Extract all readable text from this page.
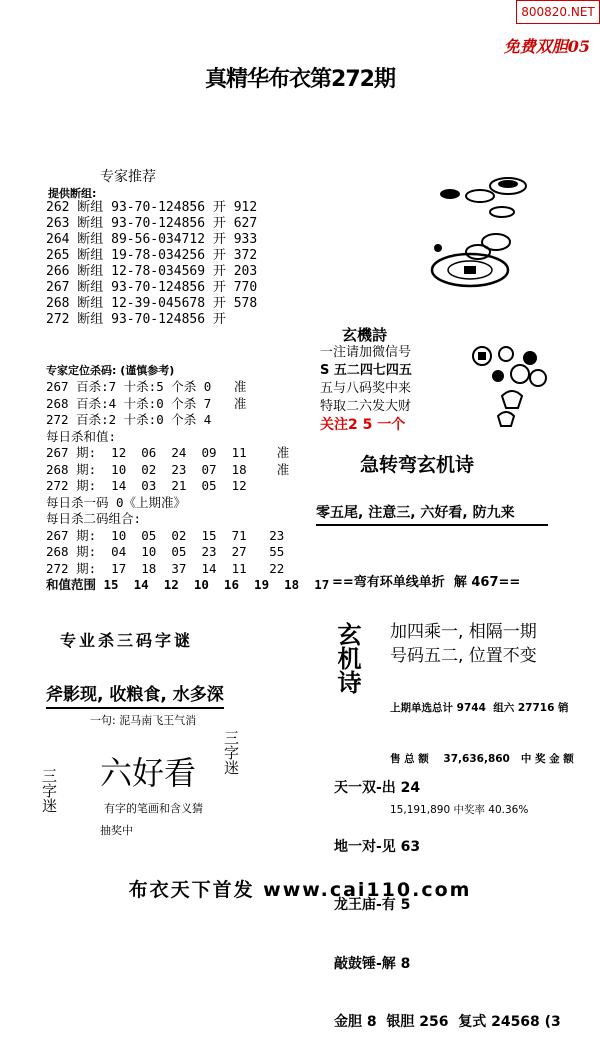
800820.NET
免费双胆05
真精华布衣第272期
专家推荐
提供断组:
262 断组 93-70-124856 开 912
263 断组 93-70-124856 开 627
264 断组 89-56-034712 开 933
265 断组 19-78-034256 开 372
266 断组 12-78-034569 开 203
267 断组 93-70-124856 开 770
268 断组 12-39-045678 开 578
272 断组 93-70-124856 开
专家定位杀码: (谨慎参考)
267 百杀:7 十杀:5 个杀 0   准
268 百杀:4 十杀:0 个杀 7   准
272 百杀:2 十杀:0 个杀 4
每日杀和值:
267 期:  12  06  24  09  11    准
268 期:  10  02  23  07  18    准
272 期:  14  03  21  05  12
每日杀一码 0《上期准》
每日杀二码组合:
267 期:  10  05  02  15  71   23
268 期:  04  10  05  23  27   55
272 期:  17  18  37  14  11   22
和值范围 15  14  12  10  16  19  18  17
专业杀三码字谜
斧影现, 收粮食, 水多深
一句: 泥马南飞王气消
三字迷 六好看 三字迷
有字的笔画和含义猜
抽奖中
玄機詩
一注请加微信号
S 五二四七四五
五与八码奖中来
特取二六发大财
关注2 5 一个
急转弯玄机诗
零五尾, 注意三, 六好看, 防九来
==弯有环单线单折  解 467==
玄机诗 加四乘一, 相隔一期
号码五二, 位置不变

上期单选总计 9744  组六 27716 销

售 总 额    37,636,860   中 奖 金 额

15,191,890 中奖率 40.36%

天一双-出 24

地一对-见 63

龙王庙-有 5

敲鼓锤-解 8

金胆 8  银胆 256  复式 24568 (3

布衣天下首发 www.cai110.com
